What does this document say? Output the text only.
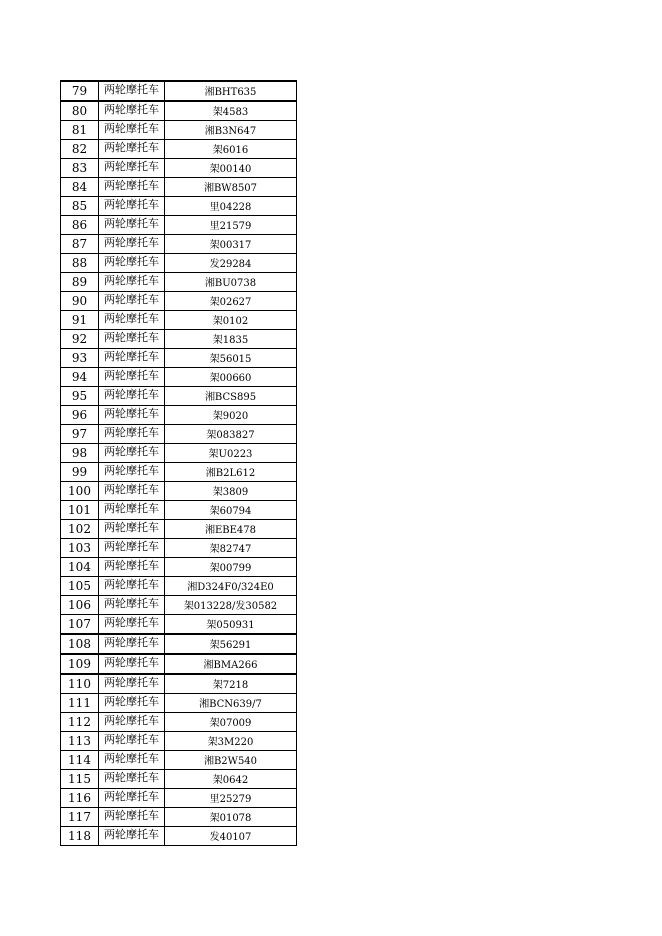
79	两轮摩托车	湘BHT635
80	两轮摩托车	架4583
81	两轮摩托车	湘B3N647
82	两轮摩托车	架6016
83	两轮摩托车	架00140
84	两轮摩托车	湘BW8507
85	两轮摩托车	里04228
86	两轮摩托车	里21579
87	两轮摩托车	架00317
88	两轮摩托车	发29284
89	两轮摩托车	湘BU0738
90	两轮摩托车	架02627
91	两轮摩托车	架0102
92	两轮摩托车	架1835
93	两轮摩托车	架56015
94	两轮摩托车	架00660
95	两轮摩托车	湘BCS895
96	两轮摩托车	架9020
97	两轮摩托车	架083827
98	两轮摩托车	架U0223
99	两轮摩托车	湘B2L612
100	两轮摩托车	架3809
101	两轮摩托车	架60794
102	两轮摩托车	湘EBE478
103	两轮摩托车	架82747
104	两轮摩托车	架00799
105	两轮摩托车	湘D324F0/324E0
106	两轮摩托车	架013228/发30582
107	两轮摩托车	架050931
108	两轮摩托车	架56291
109	两轮摩托车	湘BMA266
110	两轮摩托车	架7218
111	两轮摩托车	湘BCN639/7
112	两轮摩托车	架07009
113	两轮摩托车	架3M220
114	两轮摩托车	湘B2W540
115	两轮摩托车	架0642
116	两轮摩托车	里25279
117	两轮摩托车	架01078
118	两轮摩托车	发40107
